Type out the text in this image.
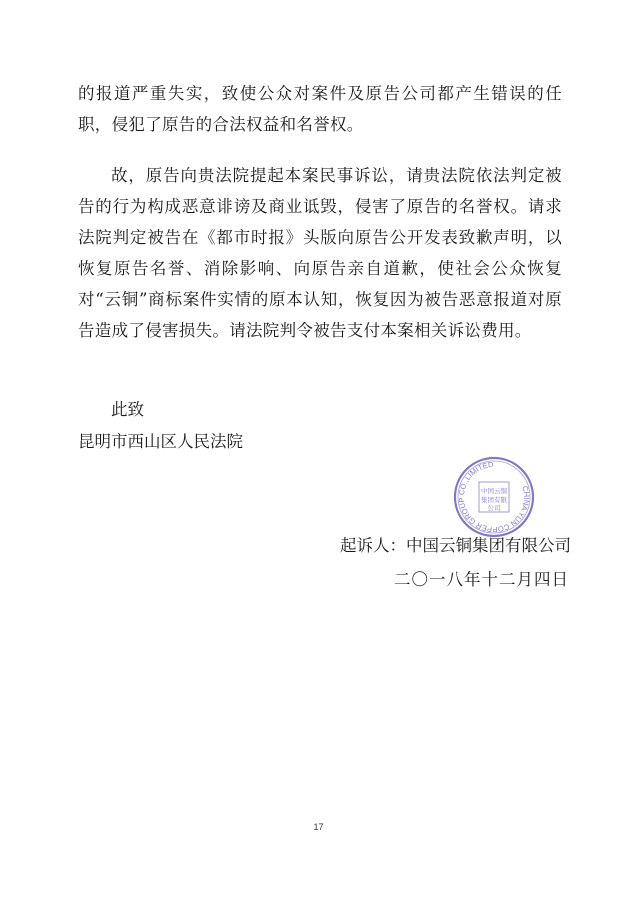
的报道严重失实，致使公众对案件及原告公司都产生错误的任职，侵犯了原告的合法权益和名誉权。

故，原告向贵法院提起本案民事诉讼，请贵法院依法判定被告的行为构成恶意诽谤及商业诋毁，侵害了原告的名誉权。请求法院判定被告在《都市时报》头版向原告公开发表致歉声明，以恢复原告名誉、消除影响、向原告亲自道歉，使社会公众恢复对“云铜”商标案件实情的原本认知，恢复因为被告恶意报道对原告造成了侵害损失。请法院判令被告支付本案相关诉讼费用。

此致

昆明市西山区人民法院

CHINA YUN COPPER GROUP CO.,LIMITED
中国云铜
集团有限
公司

起诉人：中国云铜集团有限公司

二〇一八年十二月四日

17
